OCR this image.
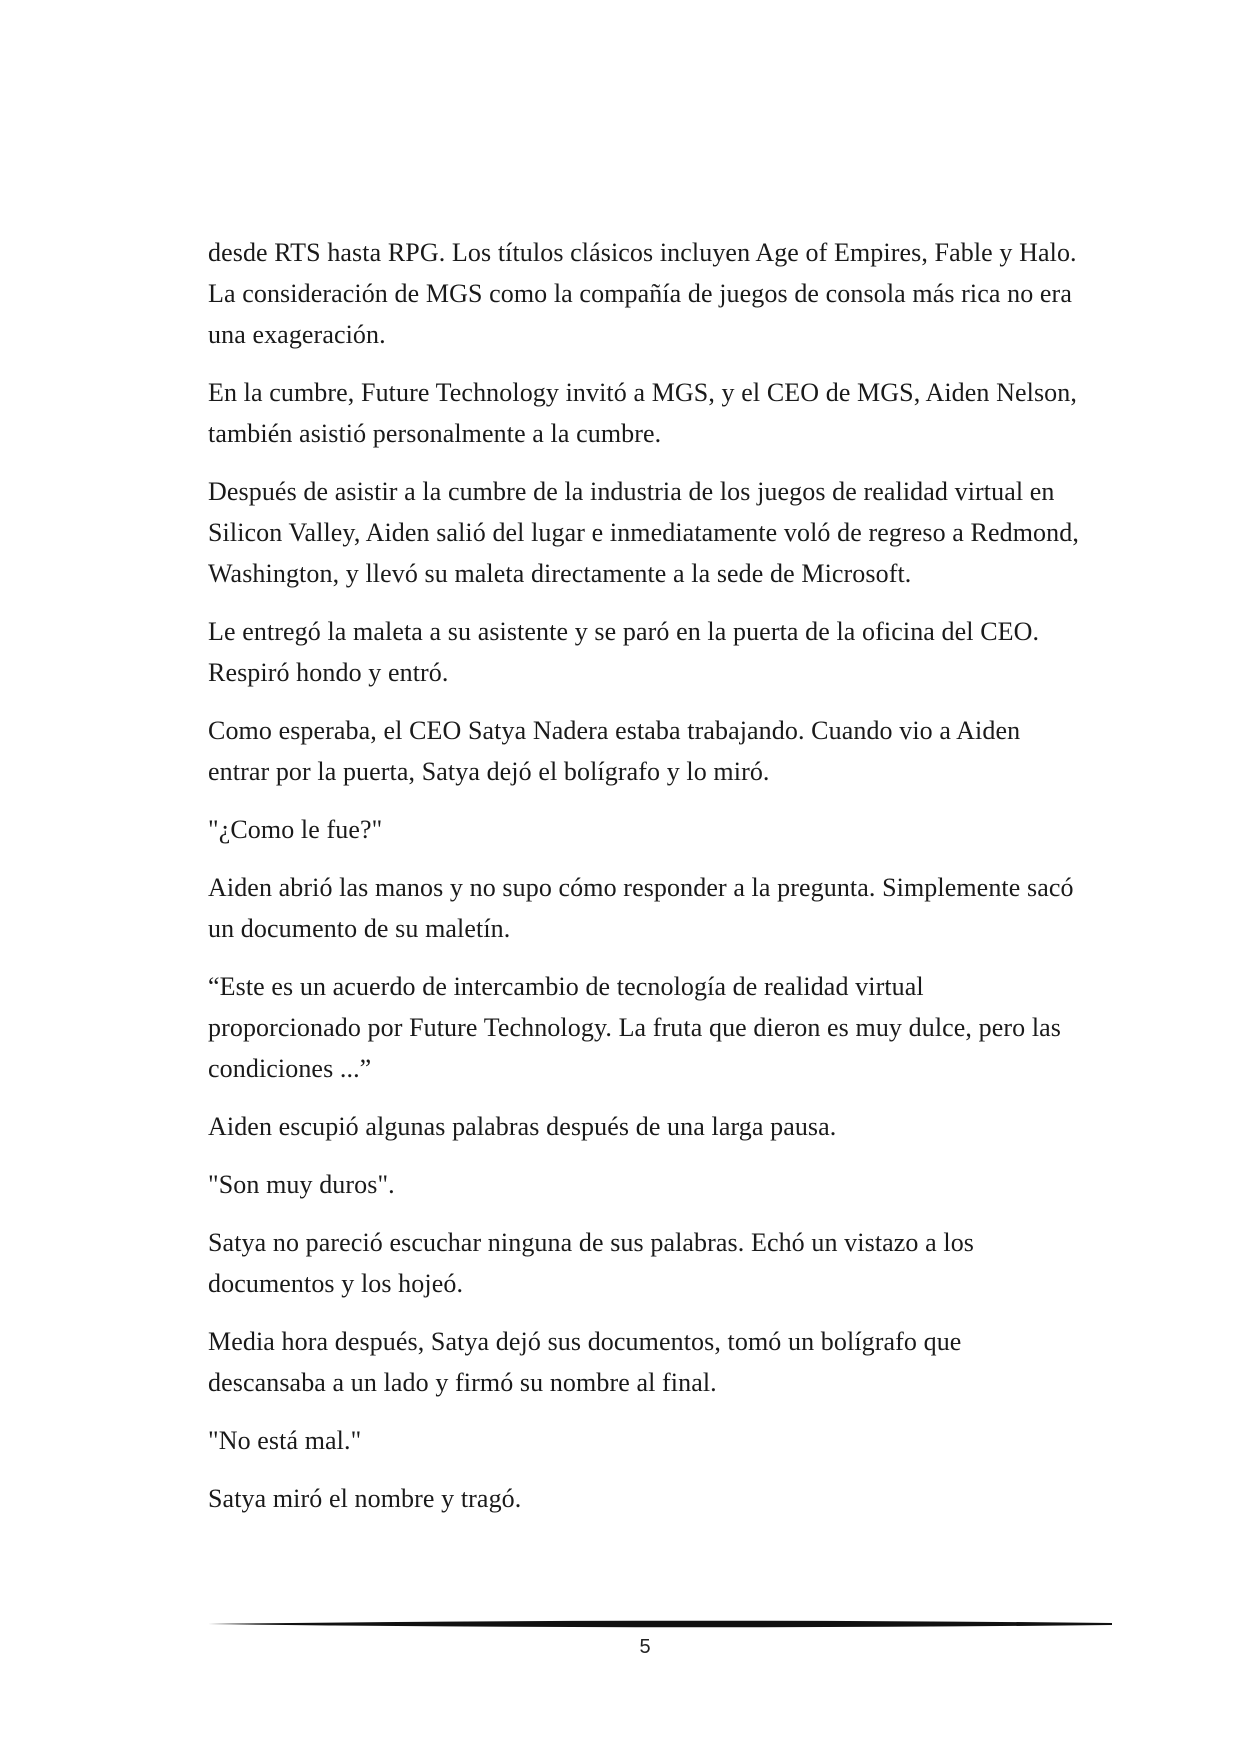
desde RTS hasta RPG. Los títulos clásicos incluyen Age of Empires, Fable y Halo. La consideración de MGS como la compañía de juegos de consola más rica no era una exageración.

En la cumbre, Future Technology invitó a MGS, y el CEO de MGS, Aiden Nelson, también asistió personalmente a la cumbre.

Después de asistir a la cumbre de la industria de los juegos de realidad virtual en Silicon Valley, Aiden salió del lugar e inmediatamente voló de regreso a Redmond, Washington, y llevó su maleta directamente a la sede de Microsoft.

Le entregó la maleta a su asistente y se paró en la puerta de la oficina del CEO. Respiró hondo y entró.

Como esperaba, el CEO Satya Nadera estaba trabajando. Cuando vio a Aiden entrar por la puerta, Satya dejó el bolígrafo y lo miró.

"¿Como le fue?"

Aiden abrió las manos y no supo cómo responder a la pregunta. Simplemente sacó un documento de su maletín.

“Este es un acuerdo de intercambio de tecnología de realidad virtual proporcionado por Future Technology. La fruta que dieron es muy dulce, pero las condiciones ...”

Aiden escupió algunas palabras después de una larga pausa.

"Son muy duros".

Satya no pareció escuchar ninguna de sus palabras. Echó un vistazo a los documentos y los hojeó.

Media hora después, Satya dejó sus documentos, tomó un bolígrafo que descansaba a un lado y firmó su nombre al final.

"No está mal."

Satya miró el nombre y tragó.

5
